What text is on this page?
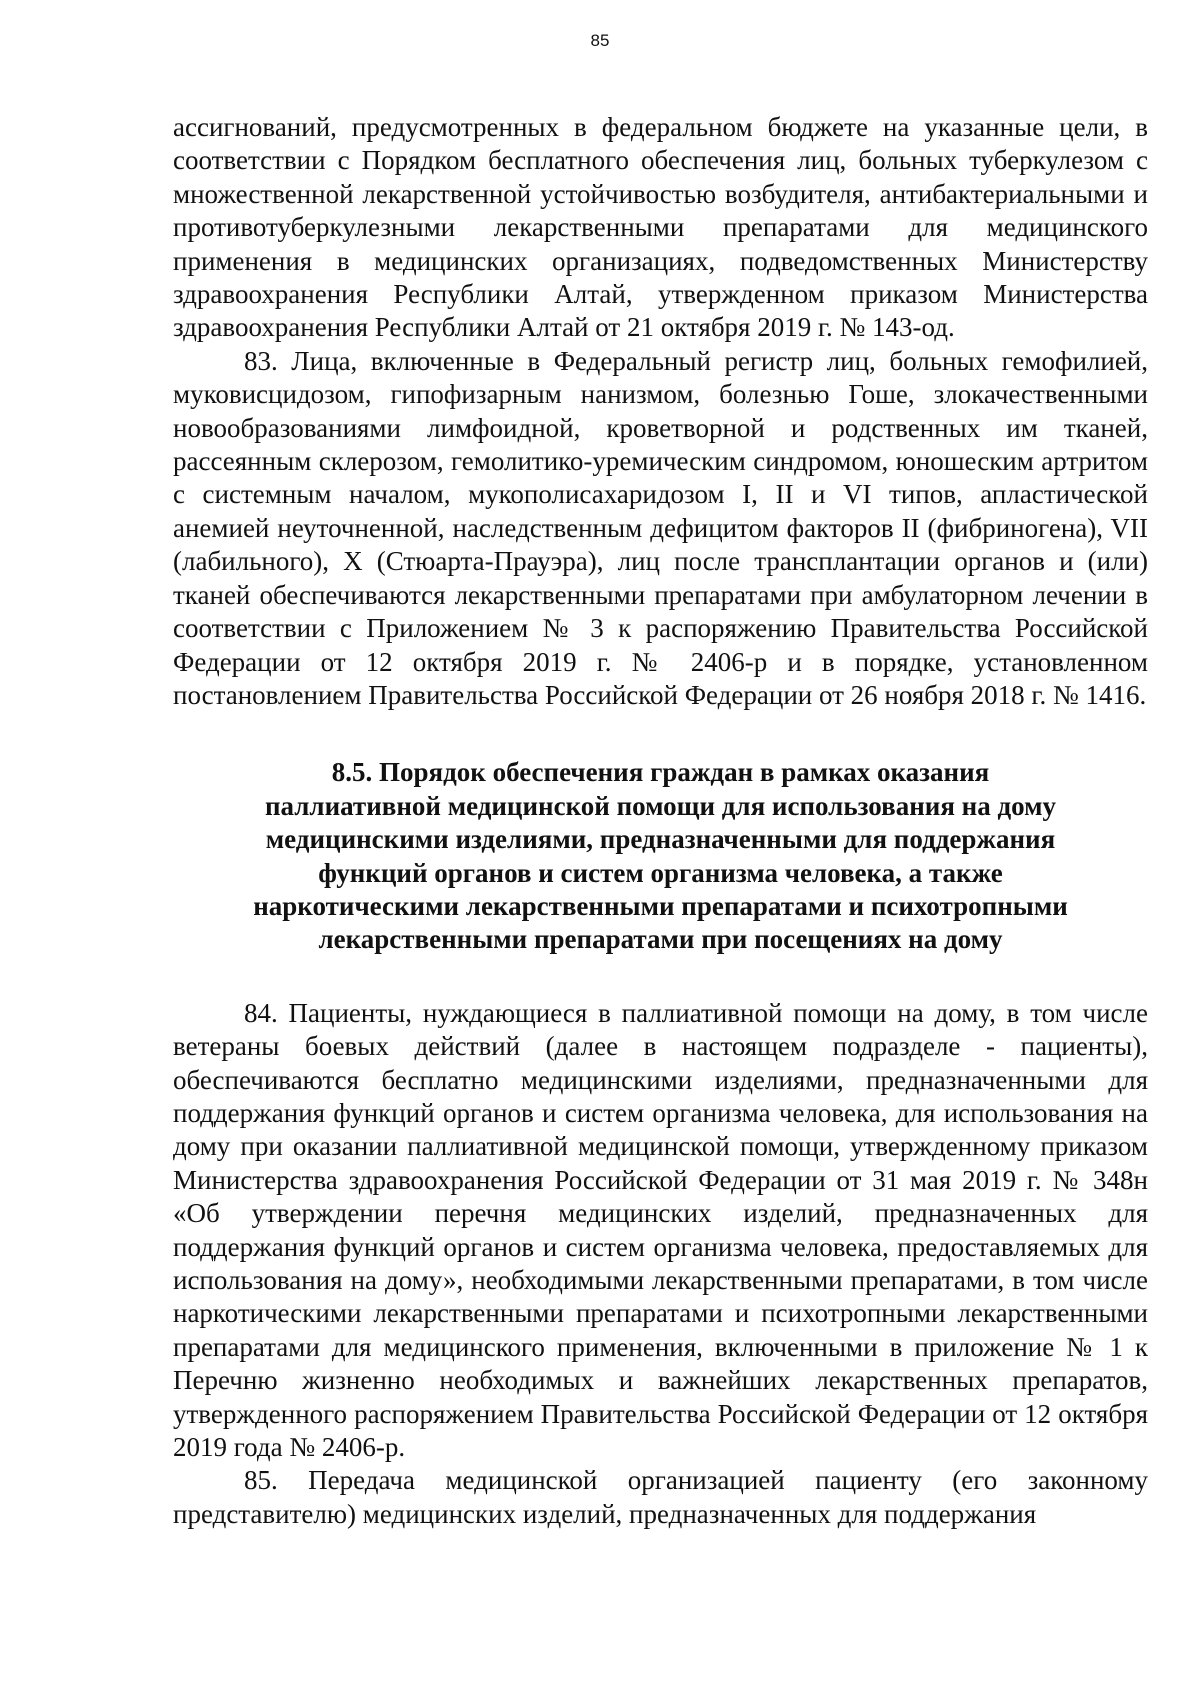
85

ассигнований, предусмотренных в федеральном бюджете на указанные цели, в соответствии с Порядком бесплатного обеспечения лиц, больных туберкулезом с множественной лекарственной устойчивостью возбудителя, антибактериальными и противотуберкулезными лекарственными препаратами для медицинского применения в медицинских организациях, подведомственных Министерству здравоохранения Республики Алтай, утвержденном приказом Министерства здравоохранения Республики Алтай от 21 октября 2019 г. № 143-од.

83. Лица, включенные в Федеральный регистр лиц, больных гемофилией, муковисцидозом, гипофизарным нанизмом, болезнью Гоше, злокачественными новообразованиями лимфоидной, кроветворной и родственных им тканей, рассеянным склерозом, гемолитико-уремическим синдромом, юношеским артритом с системным началом, мукополисахаридозом I, II и VI типов, апластической анемией неуточненной, наследственным дефицитом факторов II (фибриногена), VII (лабильного), X (Стюарта-Прауэра), лиц после трансплантации органов и (или) тканей обеспечиваются лекарственными препаратами при амбулаторном лечении в соответствии с Приложением № 3 к распоряжению Правительства Российской Федерации от 12 октября 2019 г. № 2406-р и в порядке, установленном постановлением Правительства Российской Федерации от 26 ноября 2018 г. № 1416.

8.5. Порядок обеспечения граждан в рамках оказания
паллиативной медицинской помощи для использования на дому
медицинскими изделиями, предназначенными для поддержания
функций органов и систем организма человека, а также
наркотическими лекарственными препаратами и психотропными
лекарственными препаратами при посещениях на дому

84. Пациенты, нуждающиеся в паллиативной помощи на дому, в том числе ветераны боевых действий (далее в настоящем подразделе - пациенты), обеспечиваются бесплатно медицинскими изделиями, предназначенными для поддержания функций органов и систем организма человека, для использования на дому при оказании паллиативной медицинской помощи, утвержденному приказом Министерства здравоохранения Российской Федерации от 31 мая 2019 г. № 348н «Об утверждении перечня медицинских изделий, предназначенных для поддержания функций органов и систем организма человека, предоставляемых для использования на дому», необходимыми лекарственными препаратами, в том числе наркотическими лекарственными препаратами и психотропными лекарственными препаратами для медицинского применения, включенными в приложение № 1 к Перечню жизненно необходимых и важнейших лекарственных препаратов, утвержденного распоряжением Правительства Российской Федерации от 12 октября 2019 года № 2406-р.

85. Передача медицинской организацией пациенту (его законному представителю) медицинских изделий, предназначенных для поддержания
